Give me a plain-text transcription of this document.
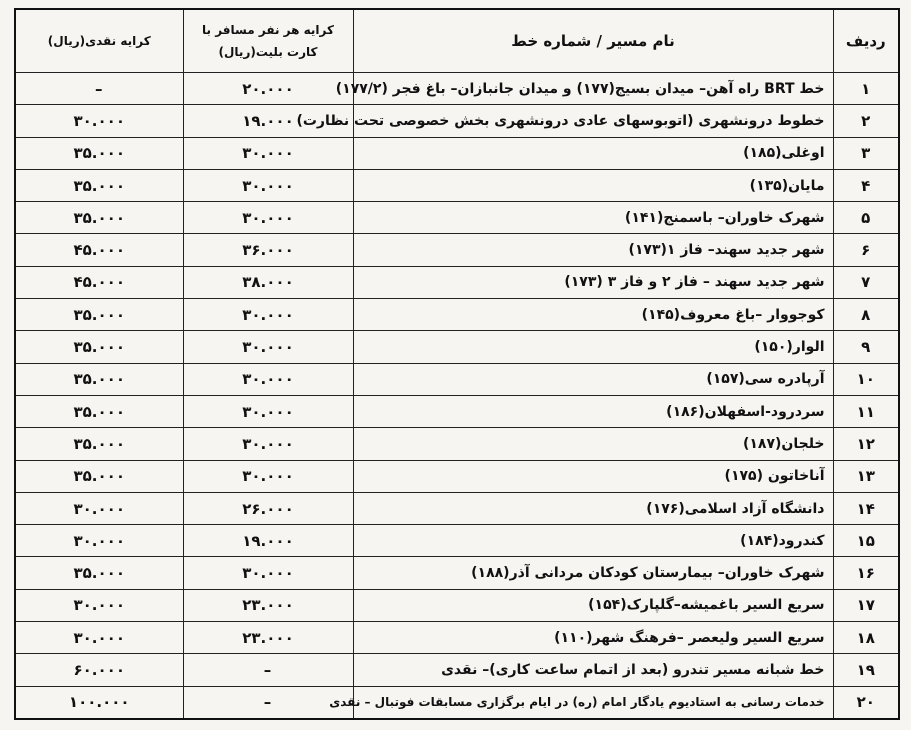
ردیف	نام مسیر / شماره خط	کرایه هر نفر مسافر با کارت بلیت(ریال)	کرایه نقدی(ریال)
۱	خط BRT راه آهن– میدان بسیج(۱۷۷) و میدان جانبازان– باغ فجر (۱۷۷/۲)	۲۰.۰۰۰	–
۲	خطوط درونشهری (اتوبوسهای عادی درونشهری بخش خصوصی تحت نظارت)	۱۹.۰۰۰	۳۰.۰۰۰
۳	اوغلی(۱۸۵)	۳۰.۰۰۰	۳۵.۰۰۰
۴	مایان(۱۳۵)	۳۰.۰۰۰	۳۵.۰۰۰
۵	شهرک خاوران– باسمنج(۱۴۱)	۳۰.۰۰۰	۳۵.۰۰۰
۶	شهر جدید سهند– فاز ۱(۱۷۳)	۳۶.۰۰۰	۴۵.۰۰۰
۷	شهر جدید سهند – فاز ۲ و فاز ۳ (۱۷۳)	۳۸.۰۰۰	۴۵.۰۰۰
۸	کوجووار –باغ معروف(۱۴۵)	۳۰.۰۰۰	۳۵.۰۰۰
۹	الوار(۱۵۰)	۳۰.۰۰۰	۳۵.۰۰۰
۱۰	آرپادره سی(۱۵۷)	۳۰.۰۰۰	۳۵.۰۰۰
۱۱	سردرود-اسفهلان(۱۸۶)	۳۰.۰۰۰	۳۵.۰۰۰
۱۲	خلجان(۱۸۷)	۳۰.۰۰۰	۳۵.۰۰۰
۱۳	آناخاتون (۱۷۵)	۳۰.۰۰۰	۳۵.۰۰۰
۱۴	دانشگاه آزاد اسلامی(۱۷۶)	۲۶.۰۰۰	۳۰.۰۰۰
۱۵	کندرود(۱۸۴)	۱۹.۰۰۰	۳۰.۰۰۰
۱۶	شهرک خاوران– بیمارستان کودکان مردانی آذر(۱۸۸)	۳۰.۰۰۰	۳۵.۰۰۰
۱۷	سریع السیر باغمیشه–گلپارک(۱۵۴)	۲۳.۰۰۰	۳۰.۰۰۰
۱۸	سریع السیر ولیعصر –فرهنگ شهر(۱۱۰)	۲۳.۰۰۰	۳۰.۰۰۰
۱۹	خط شبانه مسیر تندرو (بعد از اتمام ساعت کاری)– نقدی	–	۶۰.۰۰۰
۲۰	خدمات رسانی به استادیوم یادگار امام (ره) در ایام برگزاری مسابقات فوتبال – نقدی	–	۱۰۰.۰۰۰
